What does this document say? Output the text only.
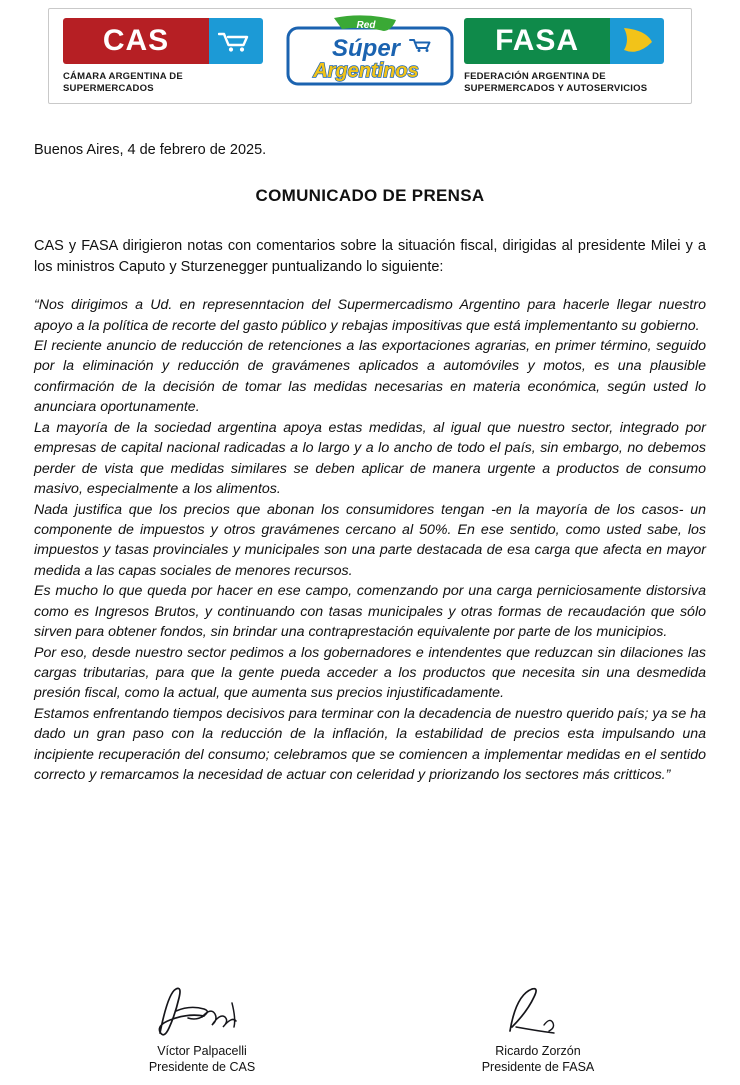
CAS
CÁMARA ARGENTINA DE
SUPERMERCADOS
Red
Súper
Argentinos
FASA
FEDERACIÓN ARGENTINA DE
SUPERMERCADOS Y AUTOSERVICIOS
Buenos Aires, 4 de febrero de 2025.
COMUNICADO DE PRENSA
CAS y FASA dirigieron notas con comentarios sobre la situación fiscal, dirigidas al presidente Milei y a los ministros Caputo y Sturzenegger puntualizando lo siguiente:

“Nos dirigimos a Ud. en represenntacion del Supermercadismo Argentino para hacerle llegar nuestro apoyo a la política de recorte del gasto público y rebajas impositivas que está implementanto su gobierno.

El reciente anuncio de reducción de retenciones a las exportaciones agrarias, en primer término, seguido por la eliminación y reducción de gravámenes aplicados a automóviles y motos, es una plausible confirmación de la decisión de tomar las medidas necesarias en materia económica, según usted lo anunciara oportunamente.

La mayoría de la sociedad argentina apoya estas medidas, al igual que nuestro sector, integrado por empresas de capital nacional radicadas a lo largo y a lo ancho de todo el país, sin embargo, no debemos perder de vista que medidas similares se deben aplicar de manera urgente a productos de consumo masivo, especialmente a los alimentos.

Nada justifica que los precios que abonan los consumidores tengan -en la mayoría de los casos- un componente de impuestos y otros gravámenes cercano al 50%. En ese sentido, como usted sabe, los impuestos y tasas provinciales y municipales son una parte destacada de esa carga que afecta en mayor medida a las capas sociales de menores recursos.

Es mucho lo que queda por hacer en ese campo, comenzando por una carga perniciosamente distorsiva como es Ingresos Brutos, y continuando con tasas municipales y otras formas de recaudación que sólo sirven para obtener fondos, sin brindar una contraprestación equivalente por parte de los municipios.

Por eso, desde nuestro sector pedimos a los gobernadores e intendentes que reduzcan sin dilaciones las cargas tributarias, para que la gente pueda acceder a los productos que necesita sin una desmedida presión fiscal, como la actual, que aumenta sus precios injustificadamente.

Estamos enfrentando tiempos decisivos para terminar con la decadencia de nuestro querido país; ya se ha dado un gran paso con la reducción de la inflación, la estabilidad de precios esta impulsando una incipiente recuperación del consumo; celebramos que se comiencen a implementar medidas en el sentido correcto y remarcamos la necesidad de actuar con celeridad y priorizando los sectores más critticos.”

Víctor Palpacelli
Presidente de CAS
Ricardo Zorzón
Presidente de FASA
